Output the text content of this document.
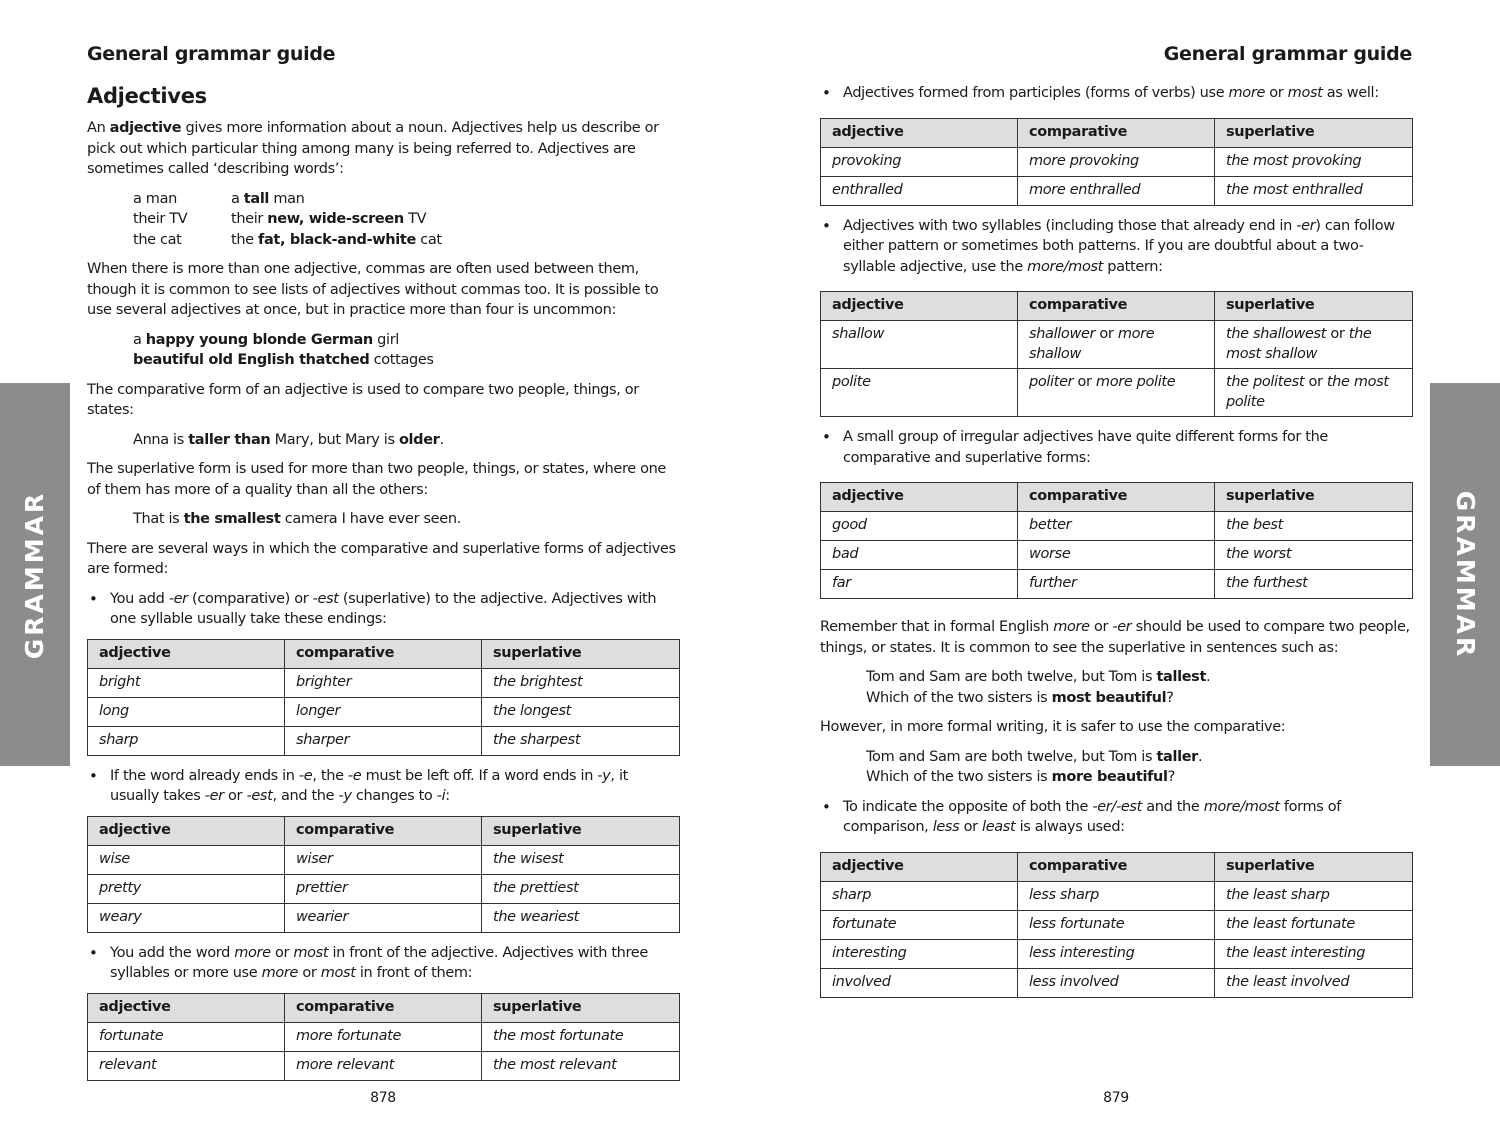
General grammar guide
GRAMMAR
Adjectives

An adjective gives more information about a noun. Adjectives help us describe or pick out which particular thing among many is being referred to. Adjectives are sometimes called ‘describing words’:

a man	a tall man
their TV	their new, wide-screen TV
the cat	the fat, black-and-white cat

When there is more than one adjective, commas are often used between them, though it is common to see lists of adjectives without commas too. It is possible to use several adjectives at once, but in practice more than four is uncommon:

a happy young blonde German girl
beautiful old English thatched cottages

The comparative form of an adjective is used to compare two people, things, or states:

Anna is taller than Mary, but Mary is older.

The superlative form is used for more than two people, things, or states, where one of them has more of a quality than all the others:

That is the smallest camera I have ever seen.

There are several ways in which the comparative and superlative forms of adjectives are formed:

• You add -er (comparative) or -est (superlative) to the adjective. Adjectives with one syllable usually take these endings:
adjective	comparative	superlative
bright	brighter	the brightest
long	longer	the longest
sharp	sharper	the sharpest
• If the word already ends in -e, the -e must be left off. If a word ends in -y, it usually takes -er or -est, and the -y changes to -i:
adjective	comparative	superlative
wise	wiser	the wisest
pretty	prettier	the prettiest
weary	wearier	the weariest
• You add the word more or most in front of the adjective. Adjectives with three syllables or more use more or most in front of them:
adjective	comparative	superlative
fortunate	more fortunate	the most fortunate
relevant	more relevant	the most relevant
878
General grammar guide
GRAMMAR
• Adjectives formed from participles (forms of verbs) use more or most as well:
adjective	comparative	superlative
provoking	more provoking	the most provoking
enthralled	more enthralled	the most enthralled
• Adjectives with two syllables (including those that already end in -er) can follow either pattern or sometimes both patterns. If you are doubtful about a two-syllable adjective, use the more/most pattern:
adjective	comparative	superlative
shallow	shallower or more shallow	the shallowest or the most shallow
polite	politer or more polite	the politest or the most polite
• A small group of irregular adjectives have quite different forms for the comparative and superlative forms:
adjective	comparative	superlative
good	better	the best
bad	worse	the worst
far	further	the furthest

Remember that in formal English more or -er should be used to compare two people, things, or states. It is common to see the superlative in sentences such as:

Tom and Sam are both twelve, but Tom is tallest.
Which of the two sisters is most beautiful?

However, in more formal writing, it is safer to use the comparative:

Tom and Sam are both twelve, but Tom is taller.
Which of the two sisters is more beautiful?
• To indicate the opposite of both the -er/-est and the more/most forms of comparison, less or least is always used:
adjective	comparative	superlative
sharp	less sharp	the least sharp
fortunate	less fortunate	the least fortunate
interesting	less interesting	the least interesting
involved	less involved	the least involved
879
